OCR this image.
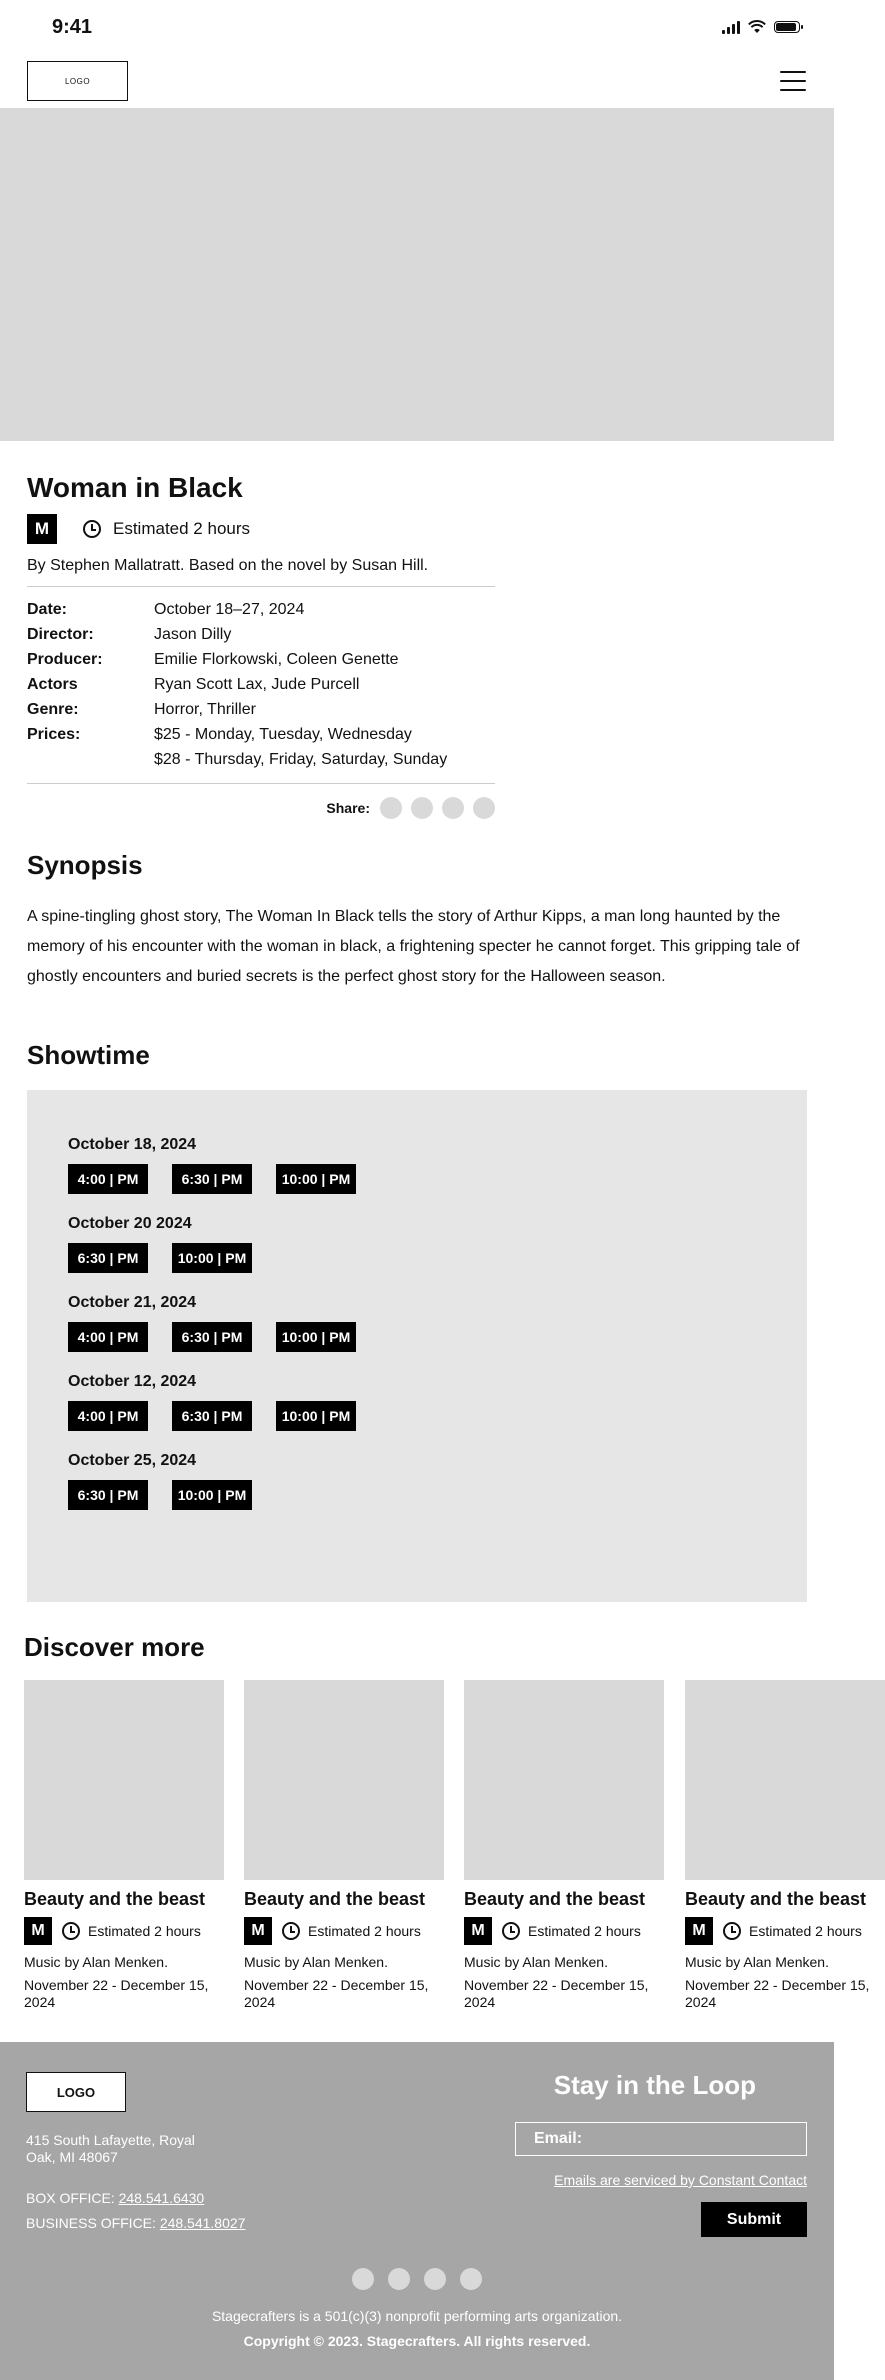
9:41
LOGO
Woman in Black
M	Estimated 2 hours

By Stephen Mallatratt. Based on the novel by Susan Hill.

Date:	October 18–27, 2024
Director:	Jason Dilly
Producer:	Emilie Florkowski, Coleen Genette
Actors	Ryan Scott Lax, Jude Purcell
Genre:	Horror, Thriller
Prices:	$25 - Monday, Tuesday, Wednesday
$28 - Thursday, Friday, Saturday, Sunday
Share:
Synopsis

A spine-tingling ghost story, The Woman In Black tells the story of Arthur Kipps, a man long haunted by the memory of his encounter with the woman in black, a frightening specter he cannot forget. This gripping tale of ghostly encounters and buried secrets is the perfect ghost story for the Halloween season.

Showtime
October 18, 2024
4:00 | PM	6:30 | PM	10:00 | PM
October 20 2024
6:30 | PM	10:00 | PM
October 21, 2024
4:00 | PM	6:30 | PM	10:00 | PM
October 12, 2024
4:00 | PM	6:30 | PM	10:00 | PM
October 25, 2024
6:30 | PM	10:00 | PM
Discover more
Beauty and the beast
M	Estimated 2 hours
Music by Alan Menken.
November 22 - December 15, 2024
Beauty and the beast
M	Estimated 2 hours
Music by Alan Menken.
November 22 - December 15, 2024
Beauty and the beast
M	Estimated 2 hours
Music by Alan Menken.
November 22 - December 15, 2024
Beauty and the beast
M	Estimated 2 hours
Music by Alan Menken.
November 22 - December 15, 2024
LOGO

415 South Lafayette, Royal Oak, MI 48067

BOX OFFICE: 248.541.6430

BUSINESS OFFICE: 248.541.8027

Stay in the Loop
Email:
Emails are serviced by Constant Contact
Submit

Stagecrafters is a 501(c)(3) nonprofit performing arts organization.

Copyright © 2023. Stagecrafters. All rights reserved.
